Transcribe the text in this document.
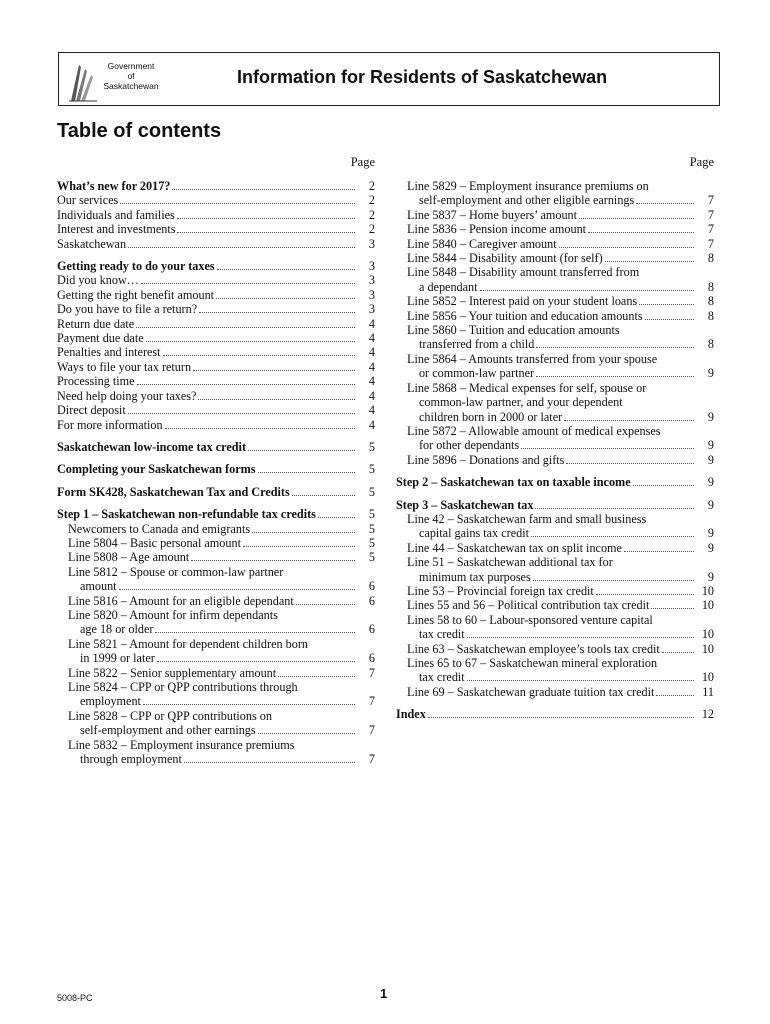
Government
of
Saskatchewan	Information for Residents of Saskatchewan
Table of contents
Page
What’s new for 2017?	2
Our services	2
Individuals and families	2
Interest and investments	2
Saskatchewan	3
Getting ready to do your taxes	3
Did you know…	3
Getting the right benefit amount	3
Do you have to file a return?	3
Return due date	4
Payment due date	4
Penalties and interest	4
Ways to file your tax return	4
Processing time	4
Need help doing your taxes?	4
Direct deposit	4
For more information	4
Saskatchewan low-income tax credit	5
Completing your Saskatchewan forms	5
Form SK428, Saskatchewan Tax and Credits	5
Step 1 – Saskatchewan non-refundable tax credits	5
Newcomers to Canada and emigrants	5
Line 5804 – Basic personal amount	5
Line 5808 – Age amount	5
Line 5812 – Spouse or common-law partner
amount	6
Line 5816 – Amount for an eligible dependant	6
Line 5820 – Amount for infirm dependants
age 18 or older	6
Line 5821 – Amount for dependent children born
in 1999 or later	6
Line 5822 – Senior supplementary amount	7
Line 5824 – CPP or QPP contributions through
employment	7
Line 5828 – CPP or QPP contributions on
self-employment and other earnings	7
Line 5832 – Employment insurance premiums
through employment	7
Page
Line 5829 – Employment insurance premiums on
self-employment and other eligible earnings	7
Line 5837 – Home buyers’ amount	7
Line 5836 – Pension income amount	7
Line 5840 – Caregiver amount	7
Line 5844 – Disability amount (for self)	8
Line 5848 – Disability amount transferred from
a dependant	8
Line 5852 – Interest paid on your student loans	8
Line 5856 – Your tuition and education amounts	8
Line 5860 – Tuition and education amounts
transferred from a child	8
Line 5864 – Amounts transferred from your spouse
or common-law partner	9
Line 5868 – Medical expenses for self, spouse or
common-law partner, and your dependent
children born in 2000 or later	9
Line 5872 – Allowable amount of medical expenses
for other dependants	9
Line 5896 – Donations and gifts	9
Step 2 – Saskatchewan tax on taxable income	9
Step 3 – Saskatchewan tax	9
Line 42 – Saskatchewan farm and small business
capital gains tax credit	9
Line 44 – Saskatchewan tax on split income	9
Line 51 – Saskatchewan additional tax for
minimum tax purposes	9
Line 53 – Provincial foreign tax credit	10
Lines 55 and 56 – Political contribution tax credit	10
Lines 58 to 60 – Labour-sponsored venture capital
tax credit	10
Line 63 – Saskatchewan employee’s tools tax credit	10
Lines 65 to 67 – Saskatchewan mineral exploration
tax credit	10
Line 69 – Saskatchewan graduate tuition tax credit	11
Index	12
5008-PC	1
